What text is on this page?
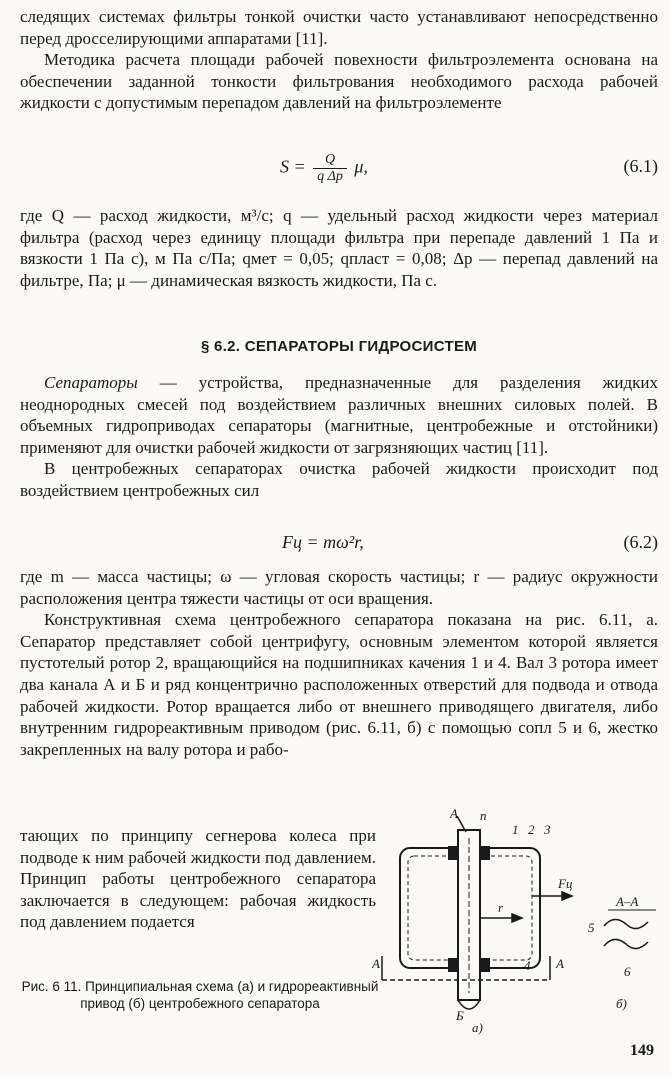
следящих системах фильтры тонкой очистки часто устанавливают непосредственно перед дросселирующими аппаратами [11].

Методика расчета площади рабочей повехности фильтроэлемента основана на обеспечении заданной тонкости фильтрования необходимого расхода рабочей жидкости с допустимым перепадом давлений на фильтроэлементе

$S = \frac{Q}{\text{q Δp}} \mu$,	(6.1)

где Q — расход жидкости, м³/с; q — удельный расход жидкости через материал фильтра (расход через единицу площади фильтра при перепаде давлений 1 Па и вязкости 1 Па с), м Па с/Па; qмет = 0,05; qпласт = 0,08; Δp — перепад давлений на фильтре, Па; μ — динамическая вязкость жидкости, Па с.

§ 6.2. СЕПАРАТОРЫ ГИДРОСИСТЕМ

Сепараторы — устройства, предназначенные для разделения жидких неоднородных смесей под воздействием различных внешних силовых полей. В объемных гидроприводах сепараторы (магнитные, центробежные и отстойники) применяют для очистки рабочей жидкости от загрязняющих частиц [11].

В центробежных сепараторах очистка рабочей жидкости происходит под воздействием центробежных сил

Fц = mω²r,	(6.2)

где m — масса частицы; ω — угловая скорость частицы; r — радиус окружности расположения центра тяжести частицы от оси вращения.

Конструктивная схема центробежного сепаратора показана на рис. 6.11, а. Сепаратор представляет собой центрифугу, основным элементом которой является пустотелый ротор 2, вращающийся на подшипниках качения 1 и 4. Вал 3 ротора имеет два канала А и Б и ряд концентрично расположенных отверстий для подвода и отвода рабочей жидкости. Ротор вращается либо от внешнего приводящего двигателя, либо внутренним гидрореактивным приводом (рис. 6.11, б) с помощью сопл 5 и 6, жестко закрепленных на валу ротора и рабо-

тающих по принципу сегнерова колеса при подводе к ним рабочей жидкости под давлением. Принцип работы центробежного сепаратора заключается в следующем: рабочая жидкость под давлением подается

Рис. 6 11. Принципиальная схема (а) и гидрореактивный привод (б) центробежного сепаратора
149
A n
1 2 3
Fц
r
A	4 A
Б
а)
А–А
5
6
б)
